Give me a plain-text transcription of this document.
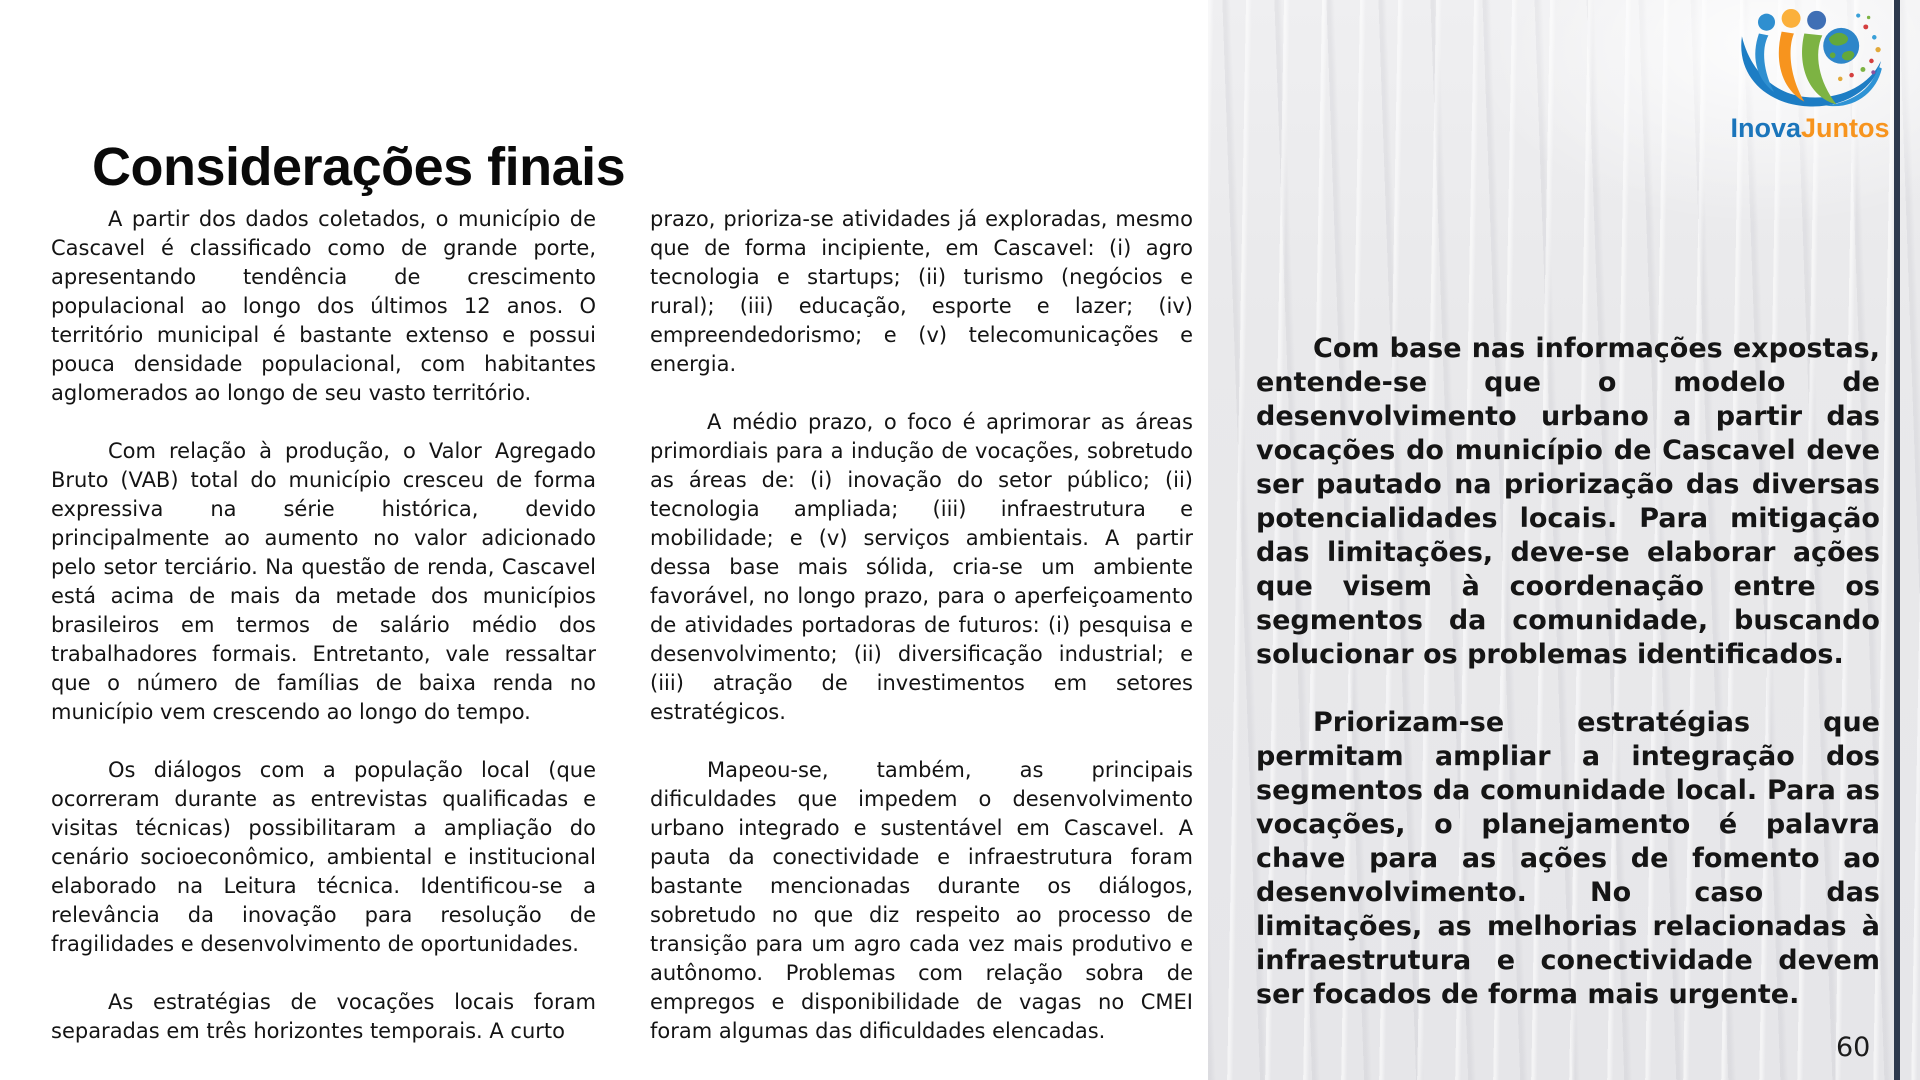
Considerações finais

A partir dos dados coletados, o município de Cascavel é classificado como de grande porte, apresentando tendência de crescimento populacional ao longo dos últimos 12 anos. O território municipal é bastante extenso e possui pouca densidade populacional, com habitantes aglomerados ao longo de seu vasto território.

Com relação à produção, o Valor Agregado Bruto (VAB) total do município cresceu de forma expressiva na série histórica, devido principalmente ao aumento no valor adicionado pelo setor terciário. Na questão de renda, Cascavel está acima de mais da metade dos municípios brasileiros em termos de salário médio dos trabalhadores formais. Entretanto, vale ressaltar que o número de famílias de baixa renda no município vem crescendo ao longo do tempo.

Os diálogos com a população local (que ocorreram durante as entrevistas qualificadas e visitas técnicas) possibilitaram a ampliação do cenário socioeconômico, ambiental e institucional elaborado na Leitura técnica. Identificou-se a relevância da inovação para resolução de fragilidades e desenvolvimento de oportunidades.

As estratégias de vocações locais foram separadas em três horizontes temporais. A curto

prazo, prioriza-se atividades já exploradas, mesmo que de forma incipiente, em Cascavel: (i) agro tecnologia e startups; (ii) turismo (negócios e rural); (iii) educação, esporte e lazer; (iv) empreendedorismo; e (v) telecomunicações e energia.

A médio prazo, o foco é aprimorar as áreas primordiais para a indução de vocações, sobretudo as áreas de: (i) inovação do setor público; (ii) tecnologia ampliada; (iii) infraestrutura e mobilidade; e (v) serviços ambientais. A partir dessa base mais sólida, cria-se um ambiente favorável, no longo prazo, para o aperfeiçoamento de atividades portadoras de futuros: (i) pesquisa e desenvolvimento; (ii) diversificação industrial; e (iii) atração de investimentos em setores estratégicos.

Mapeou-se, também, as principais dificuldades que impedem o desenvolvimento urbano integrado e sustentável em Cascavel. A pauta da conectividade e infraestrutura foram bastante mencionadas durante os diálogos, sobretudo no que diz respeito ao processo de transição para um agro cada vez mais produtivo e autônomo. Problemas com relação sobra de empregos e disponibilidade de vagas no CMEI foram algumas das dificuldades elencadas.

Com base nas informações expostas, entende-se que o modelo de desenvolvimento urbano a partir das vocações do município de Cascavel deve ser pautado na priorização das diversas potencialidades locais. Para mitigação das limitações, deve-se elaborar ações que visem à coordenação entre os segmentos da comunidade, buscando solucionar os problemas identificados.

Priorizam-se estratégias que permitam ampliar a integração dos segmentos da comunidade local. Para as vocações, o planejamento é palavra chave para as ações de fomento ao desenvolvimento. No caso das limitações, as melhorias relacionadas à infraestrutura e conectividade devem ser focados de forma mais urgente.

InovaJuntos
60
